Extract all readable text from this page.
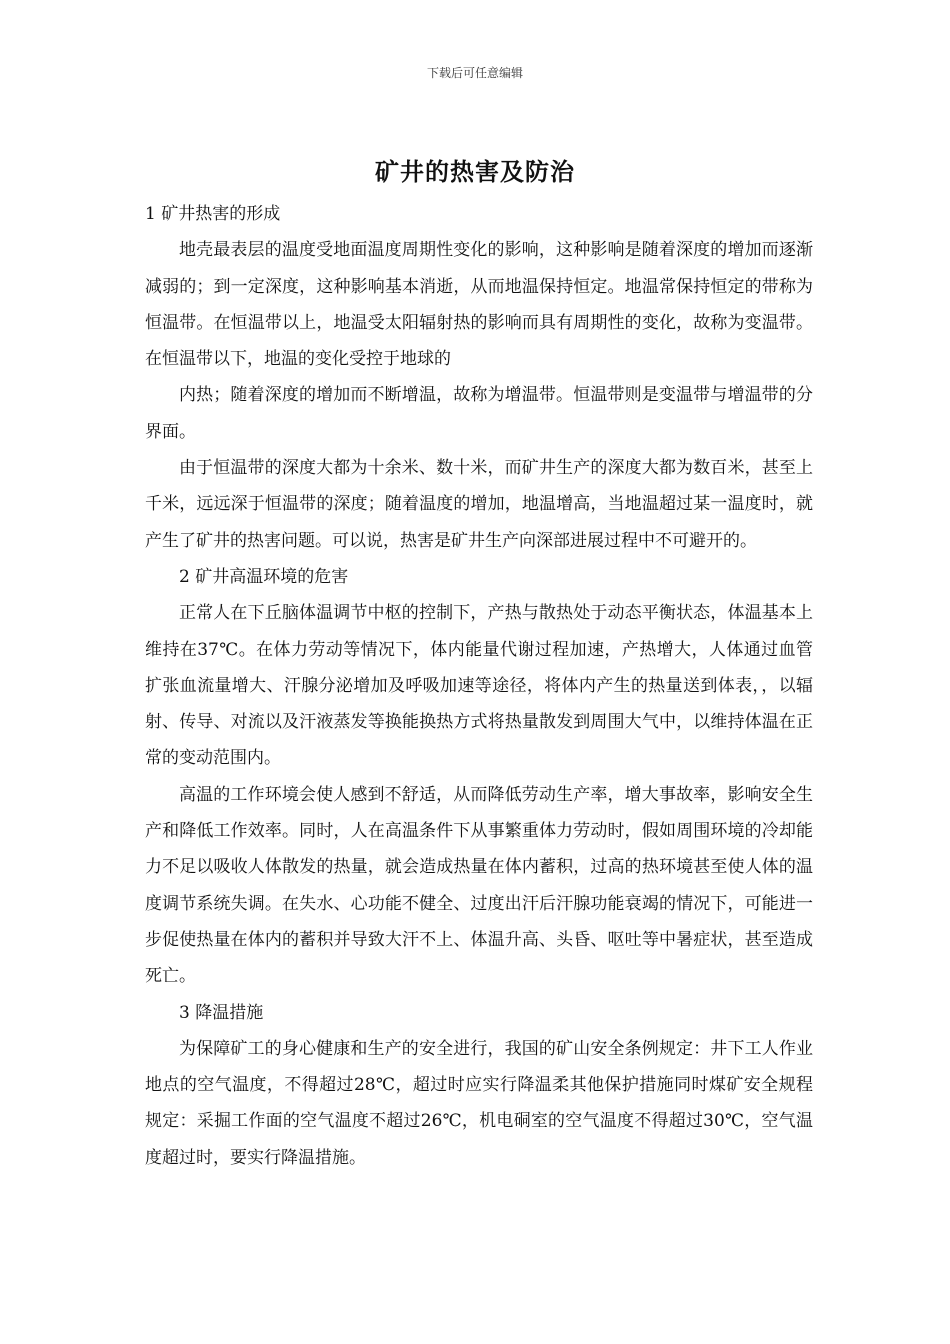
下载后可任意编辑
矿井的热害及防治

1 矿井热害的形成

地壳最表层的温度受地面温度周期性变化的影响，这种影响是随着深度的增加而逐渐减弱的；到一定深度，这种影响基本消逝，从而地温保持恒定。地温常保持恒定的带称为恒温带。在恒温带以上，地温受太阳辐射热的影响而具有周期性的变化，故称为变温带。在恒温带以下，地温的变化受控于地球的

内热；随着深度的增加而不断增温，故称为增温带。恒温带则是变温带与增温带的分界面。

由于恒温带的深度大都为十余米、数十米，而矿井生产的深度大都为数百米，甚至上千米，远远深于恒温带的深度；随着温度的增加，地温增高，当地温超过某一温度时，就产生了矿井的热害问题。可以说，热害是矿井生产向深部进展过程中不可避开的。

2 矿井高温环境的危害

正常人在下丘脑体温调节中枢的控制下，产热与散热处于动态平衡状态，体温基本上维持在37℃。在体力劳动等情况下，体内能量代谢过程加速，产热增大，人体通过血管扩张血流量增大、汗腺分泌增加及呼吸加速等途径，将体内产生的热量送到体表，，以辐射、传导、对流以及汗液蒸发等换能换热方式将热量散发到周围大气中，以维持体温在正常的变动范围内。

高温的工作环境会使人感到不舒适，从而降低劳动生产率，增大事故率，影响安全生产和降低工作效率。同时，人在高温条件下从事繁重体力劳动时，假如周围环境的冷却能力不足以吸收人体散发的热量，就会造成热量在体内蓄积，过高的热环境甚至使人体的温度调节系统失调。在失水、心功能不健全、过度出汗后汗腺功能衰竭的情况下，可能进一步促使热量在体内的蓄积并导致大汗不上、体温升高、头昏、呕吐等中暑症状，甚至造成死亡。

3 降温措施

为保障矿工的身心健康和生产的安全进行，我国的矿山安全条例规定：井下工人作业地点的空气温度，不得超过28℃，超过时应实行降温柔其他保护措施同时煤矿安全规程规定：采掘工作面的空气温度不超过26℃，机电硐室的空气温度不得超过30℃，空气温度超过时，要实行降温措施。
